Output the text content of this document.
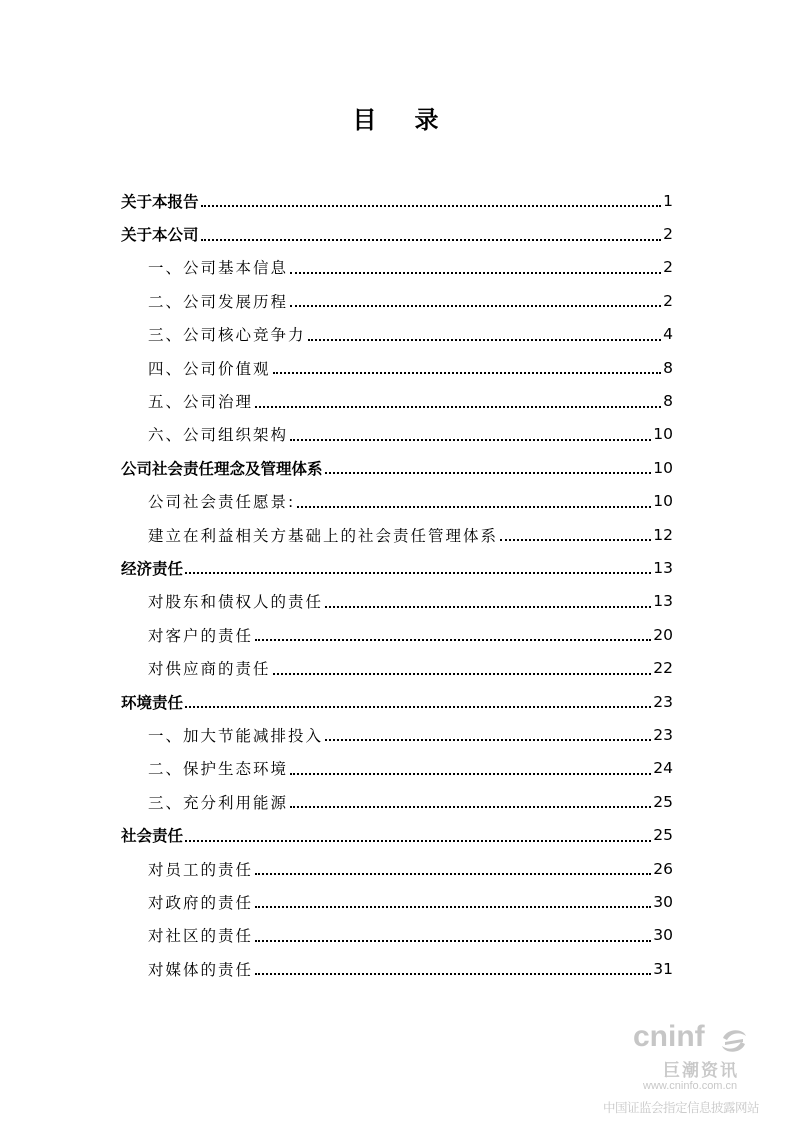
目 录
关于本报告	1
关于本公司	2
一、公司基本信息	2
二、公司发展历程	2
三、公司核心竞争力	4
四、公司价值观	8
五、公司治理	8
六、公司组织架构	10
公司社会责任理念及管理体系	10
公司社会责任愿景:	10
建立在利益相关方基础上的社会责任管理体系	12
经济责任	13
对股东和债权人的责任	13
对客户的责任	20
对供应商的责任	22
环境责任	23
一、加大节能减排投入	23
二、保护生态环境	24
三、充分利用能源	25
社会责任	25
对员工的责任	26
对政府的责任	30
对社区的责任	30
对媒体的责任	31
cninf
巨潮资讯
www.cninfo.com.cn
中国证监会指定信息披露网站
